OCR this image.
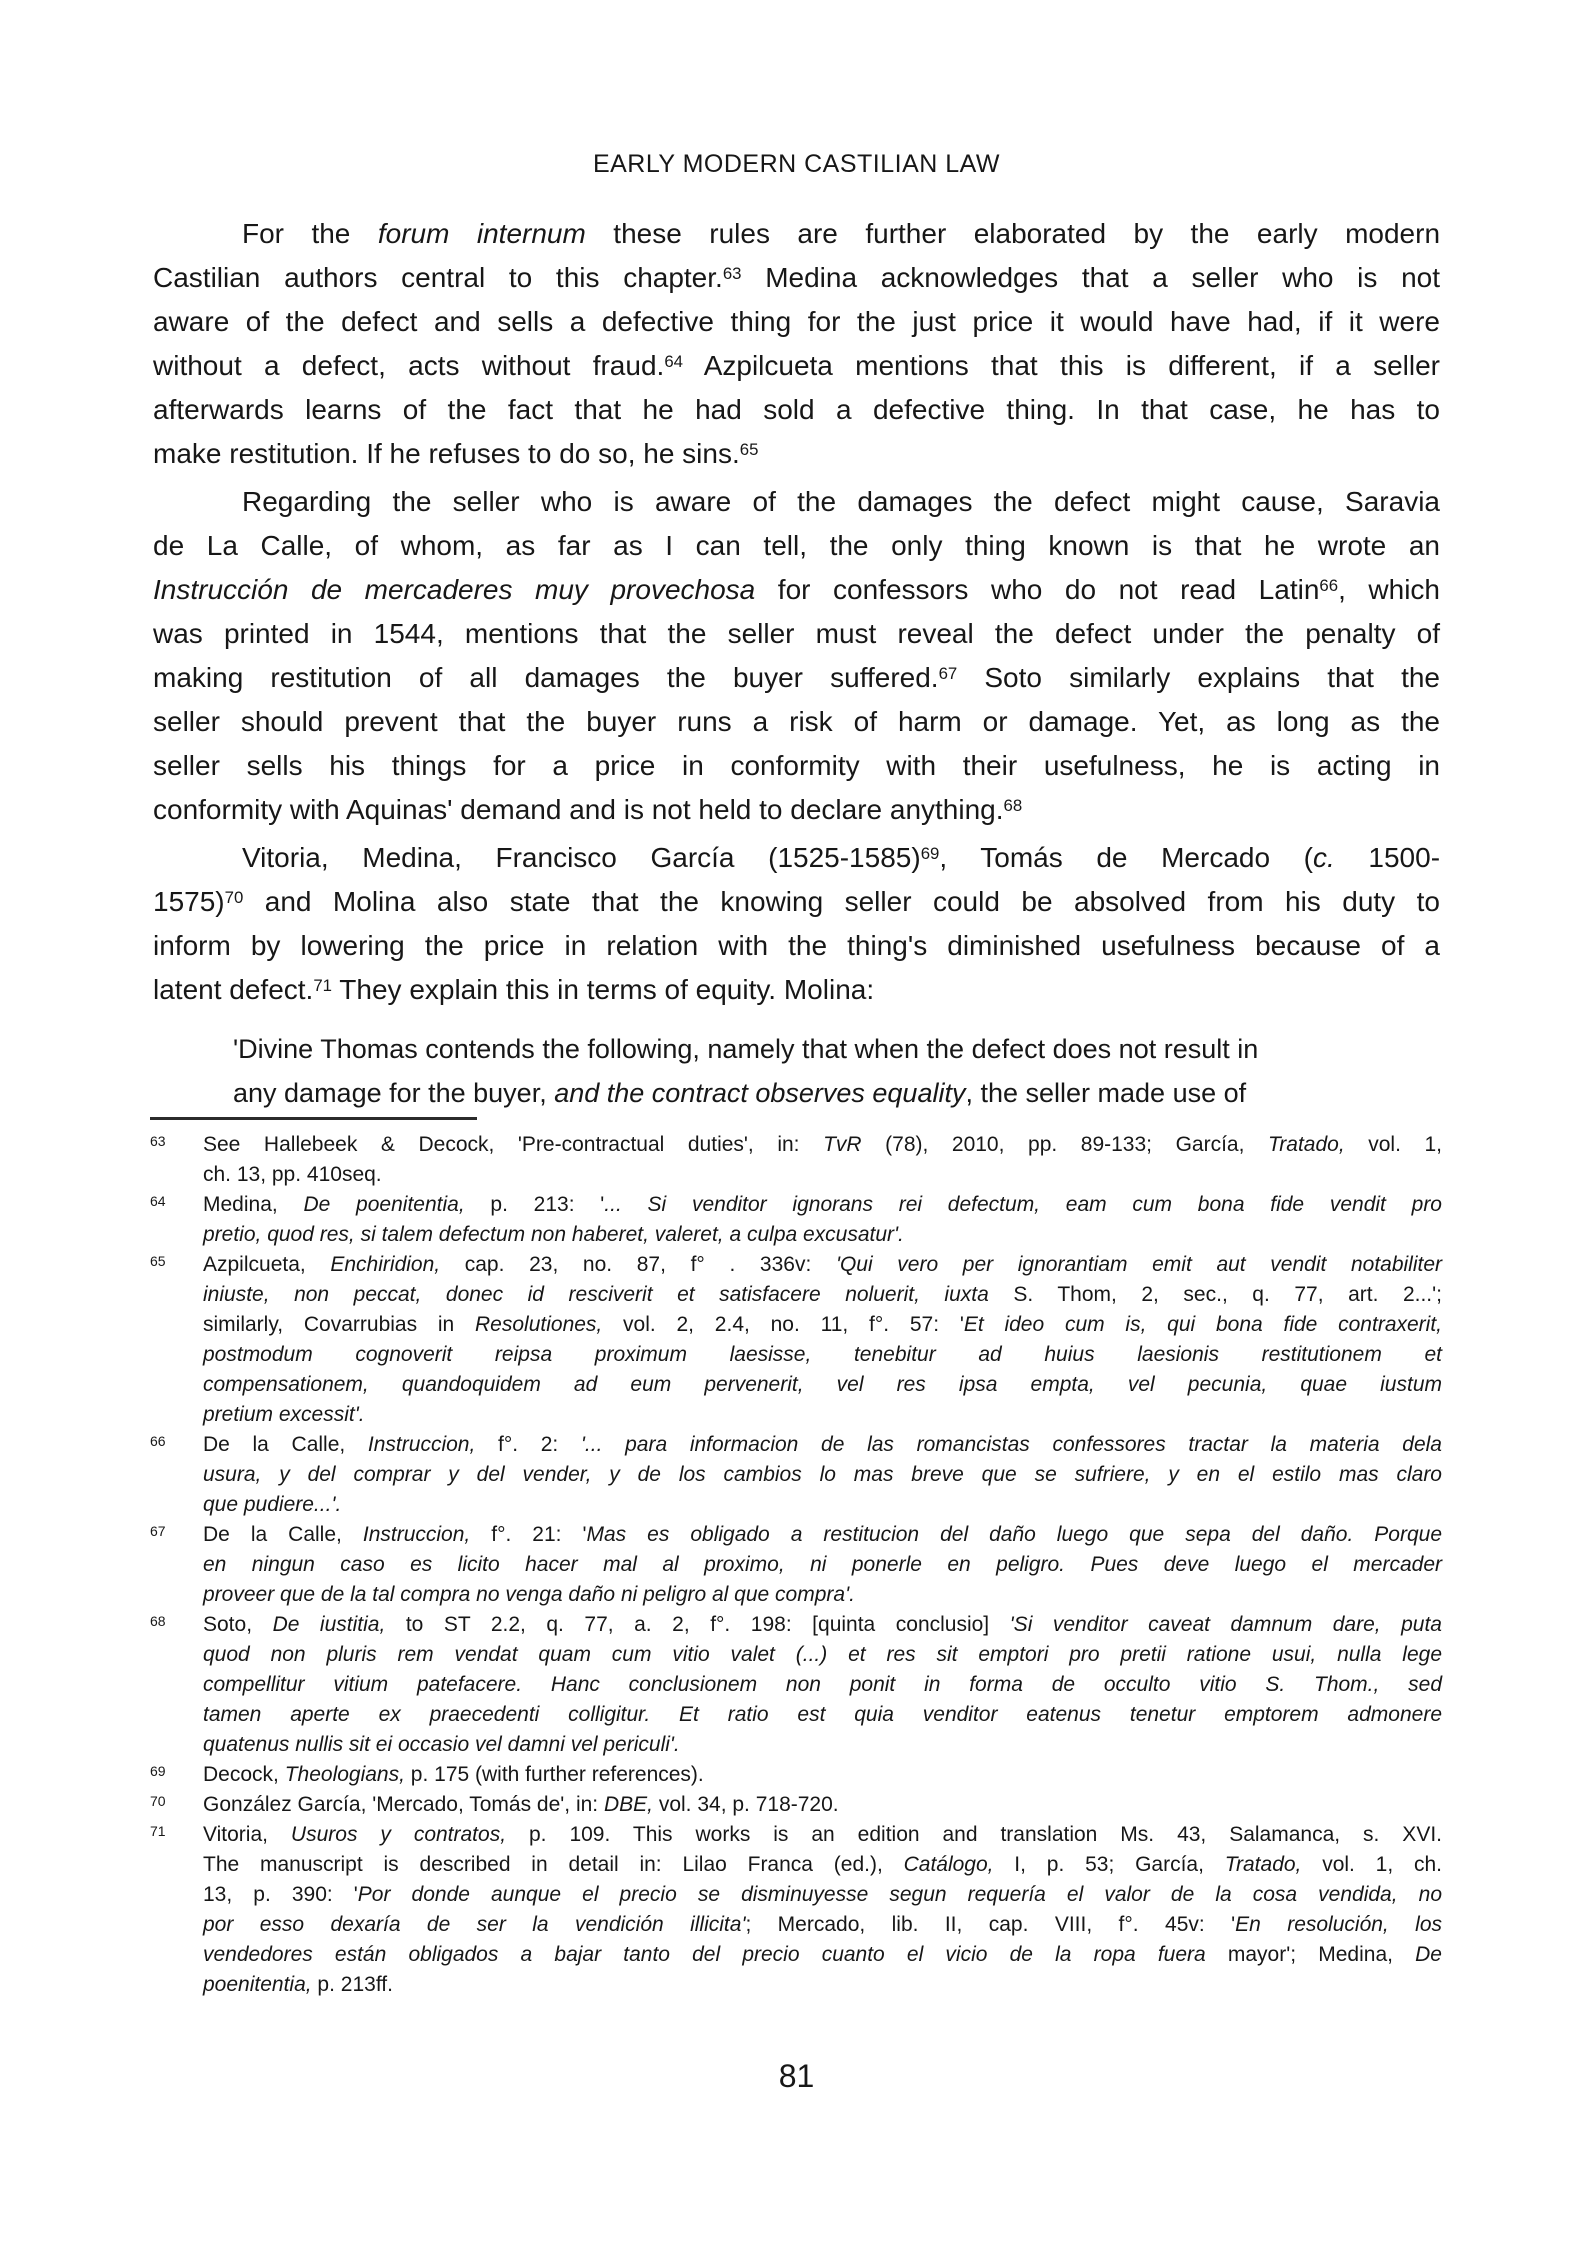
EARLY MODERN CASTILIAN LAW
For the forum internum these rules are further elaborated by the early modern
Castilian authors central to this chapter.$^{63}$ Medina acknowledges that a seller who is not
aware of the defect and sells a defective thing for the just price it would have had, if it were
without a defect, acts without fraud.$^{64}$ Azpilcueta mentions that this is different, if a seller
afterwards learns of the fact that he had sold a defective thing. In that case, he has to
make restitution. If he refuses to do so, he sins.$^{65}$
Regarding the seller who is aware of the damages the defect might cause, Saravia
de La Calle, of whom, as far as I can tell, the only thing known is that he wrote an
Instrucción de mercaderes muy provechosa for confessors who do not read Latin$^{66}$, which
was printed in 1544, mentions that the seller must reveal the defect under the penalty of
making restitution of all damages the buyer suffered.$^{67}$ Soto similarly explains that the
seller should prevent that the buyer runs a risk of harm or damage. Yet, as long as the
seller sells his things for a price in conformity with their usefulness, he is acting in
conformity with Aquinas' demand and is not held to declare anything.$^{68}$
Vitoria, Medina, Francisco García (1525-1585)$^{69}$, Tomás de Mercado (c. 1500-
1575)$^{70}$ and Molina also state that the knowing seller could be absolved from his duty to
inform by lowering the price in relation with the thing's diminished usefulness because of a
latent defect.$^{71}$ They explain this in terms of equity. Molina:
'Divine Thomas contends the following, namely that when the defect does not result in
any damage for the buyer, and the contract observes equality, the seller made use of
63 See Hallebeek & Decock, 'Pre-contractual duties', in: TvR (78), 2010, pp. 89-133; García, Tratado, vol. 1,
ch. 13, pp. 410seq.
64 Medina, De poenitentia, p. 213: '... Si venditor ignorans rei defectum, eam cum bona fide vendit pro
pretio, quod res, si talem defectum non haberet, valeret, a culpa excusatur'.
65 Azpilcueta, Enchiridion, cap. 23, no. 87, f° . 336v: 'Qui vero per ignorantiam emit aut vendit notabiliter
iniuste, non peccat, donec id resciverit et satisfacere noluerit, iuxta S. Thom, 2, sec., q. 77, art. 2...';
similarly, Covarrubias in Resolutiones, vol. 2, 2.4, no. 11, f°. 57: 'Et ideo cum is, qui bona fide contraxerit,
postmodum cognoverit reipsa proximum laesisse, tenebitur ad huius laesionis restitutionem et
compensationem, quandoquidem ad eum pervenerit, vel res ipsa empta, vel pecunia, quae iustum
pretium excessit'.
66 De la Calle, Instruccion, f°. 2: '... para informacion de las romancistas confessores tractar la materia dela
usura, y del comprar y del vender, y de los cambios lo mas breve que se sufriere, y en el estilo mas claro
que pudiere...'.
67 De la Calle, Instruccion, f°. 21: 'Mas es obligado a restitucion del daño luego que sepa del daño. Porque
en ningun caso es licito hacer mal al proximo, ni ponerle en peligro. Pues deve luego el mercader
proveer que de la tal compra no venga daño ni peligro al que compra'.
68 Soto, De iustitia, to ST 2.2, q. 77, a. 2, f°. 198: [quinta conclusio] 'Si venditor caveat damnum dare, puta
quod non pluris rem vendat quam cum vitio valet (...) et res sit emptori pro pretii ratione usui, nulla lege
compellitur vitium patefacere. Hanc conclusionem non ponit in forma de occulto vitio S. Thom., sed
tamen aperte ex praecedenti colligitur. Et ratio est quia venditor eatenus tenetur emptorem admonere
quatenus nullis sit ei occasio vel damni vel periculi'.
69 Decock, Theologians, p. 175 (with further references).
70 González García, 'Mercado, Tomás de', in: DBE, vol. 34, p. 718-720.
71 Vitoria, Usuros y contratos, p. 109. This works is an edition and translation Ms. 43, Salamanca, s. XVI.
The manuscript is described in detail in: Lilao Franca (ed.), Catálogo, I, p. 53; García, Tratado, vol. 1, ch.
13, p. 390: 'Por donde aunque el precio se disminuyesse segun requería el valor de la cosa vendida, no
por esso dexaría de ser la vendición illicita'; Mercado, lib. II, cap. VIII, f°. 45v: 'En resolución, los
vendedores están obligados a bajar tanto del precio cuanto el vicio de la ropa fuera mayor'; Medina, De
poenitentia, p. 213ff.
81
